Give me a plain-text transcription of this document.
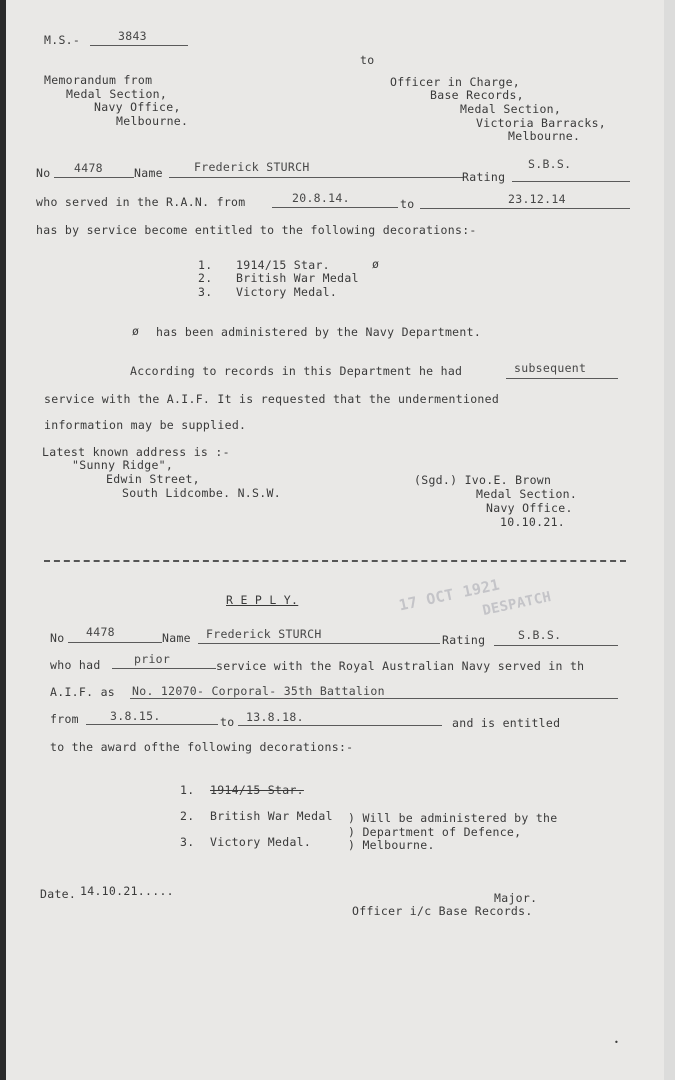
M.S.-	3843
to
Memorandum from
Medal Section,
Navy Office,
Melbourne.
Officer in Charge,
Base Records,
Medal Section,
Victoria Barracks,
Melbourne.
No 4478	Name	Frederick STURCH
Rating
S.B.S.
who served in the R.A.N. from	20.8.14.	to	23.12.14
has by service become entitled to the following decorations:-
1. 1914/15 Star.	ø
2. British War Medal
3. Victory Medal.
ø has been administered by the Navy Department.
According to records in this Department he had	subsequent
service with the A.I.F. It is requested that the undermentioned
information may be supplied.
Latest known address is :-
"Sunny Ridge",
Edwin Street,
South Lidcombe. N.S.W.
(Sgd.) Ivo.E. Brown
Medal Section.
Navy Office.
10.10.21.
R E P L Y.	17 OCT 1921
DESPATCH
No 4478	Name Frederick STURCH	Rating	S.B.S.
who had	prior	service with the Royal Australian Navy served in th
A.I.F. as No. 12070- Corporal- 35th Battalion
from	3.8.15.	to 13.8.18.	and is entitled
to the award ofthe following decorations:-
1. 1914/15 Star.
2. British War Medal
3. Victory Medal.
) Will be administered by the
) Department of Defence,
) Melbourne.
Date. 14.10.21.....	Major.
Officer i/c Base Records.
•
